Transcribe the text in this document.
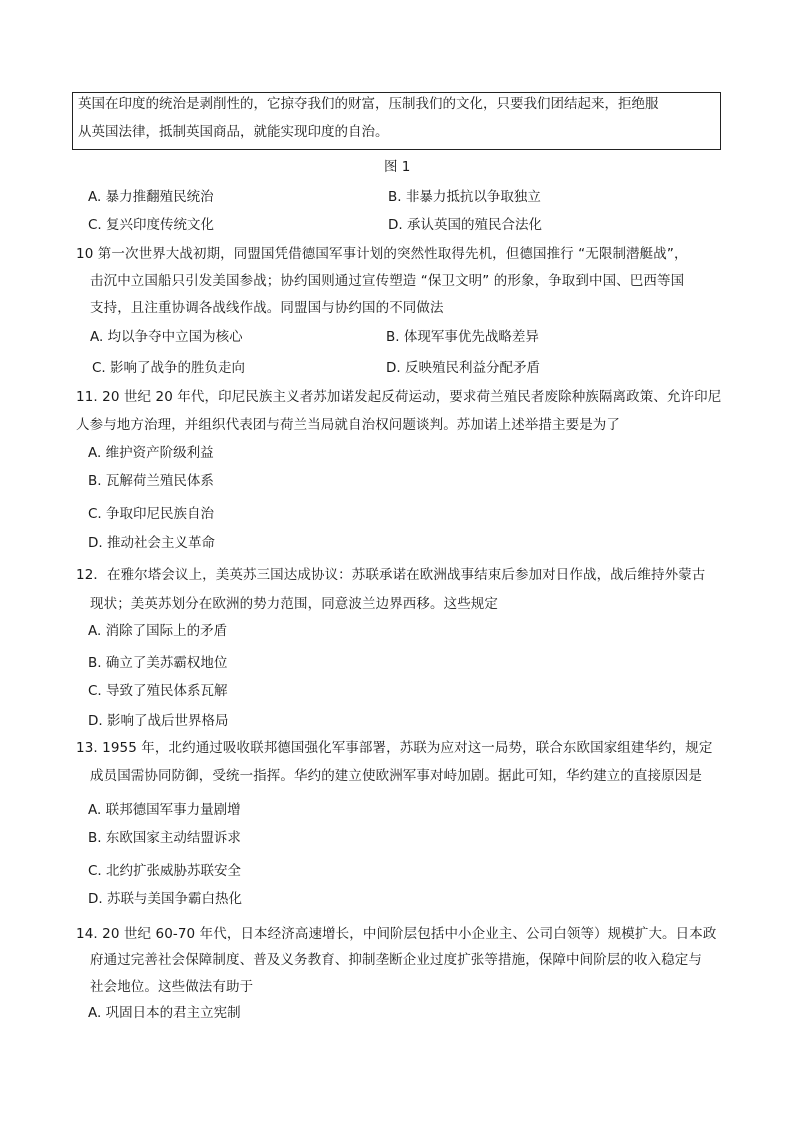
英国在印度的统治是剥削性的，它掠夺我们的财富，压制我们的文化，只要我们团结起来，拒绝服
从英国法律，抵制英国商品，就能实现印度的自治。
图 1
A. 暴力推翻殖民统治	B. 非暴力抵抗以争取独立
C. 复兴印度传统文化	D. 承认英国的殖民合法化
10 第一次世界大战初期，同盟国凭借德国军事计划的突然性取得先机，但德国推行 “无限制潜艇战”，
击沉中立国船只引发美国参战；协约国则通过宣传塑造 “保卫文明” 的形象，争取到中国、巴西等国
支持，且注重协调各战线作战。同盟国与协约国的不同做法
A. 均以争夺中立国为核心	B. 体现军事优先战略差异
C. 影响了战争的胜负走向	D. 反映殖民利益分配矛盾
11. 20 世纪 20 年代，印尼民族主义者苏加诺发起反荷运动，要求荷兰殖民者废除种族隔离政策、允许印尼
人参与地方治理，并组织代表团与荷兰当局就自治权问题谈判。苏加诺上述举措主要是为了
A. 维护资产阶级利益
B. 瓦解荷兰殖民体系
C. 争取印尼民族自治
D. 推动社会主义革命
12．在雅尔塔会议上，美英苏三国达成协议：苏联承诺在欧洲战事结束后参加对日作战，战后维持外蒙古
现状；美英苏划分在欧洲的势力范围，同意波兰边界西移。这些规定
A. 消除了国际上的矛盾
B. 确立了美苏霸权地位
C. 导致了殖民体系瓦解
D. 影响了战后世界格局
13. 1955 年，北约通过吸收联邦德国强化军事部署，苏联为应对这一局势，联合东欧国家组建华约，规定
成员国需协同防御，受统一指挥。华约的建立使欧洲军事对峙加剧。据此可知，华约建立的直接原因是
A. 联邦德国军事力量剧增
B. 东欧国家主动结盟诉求
C. 北约扩张威胁苏联安全
D. 苏联与美国争霸白热化
14. 20 世纪 60-70 年代，日本经济高速增长，中间阶层包括中小企业主、公司白领等）规模扩大。日本政
府通过完善社会保障制度、普及义务教育、抑制垄断企业过度扩张等措施，保障中间阶层的收入稳定与
社会地位。这些做法有助于
A. 巩固日本的君主立宪制
